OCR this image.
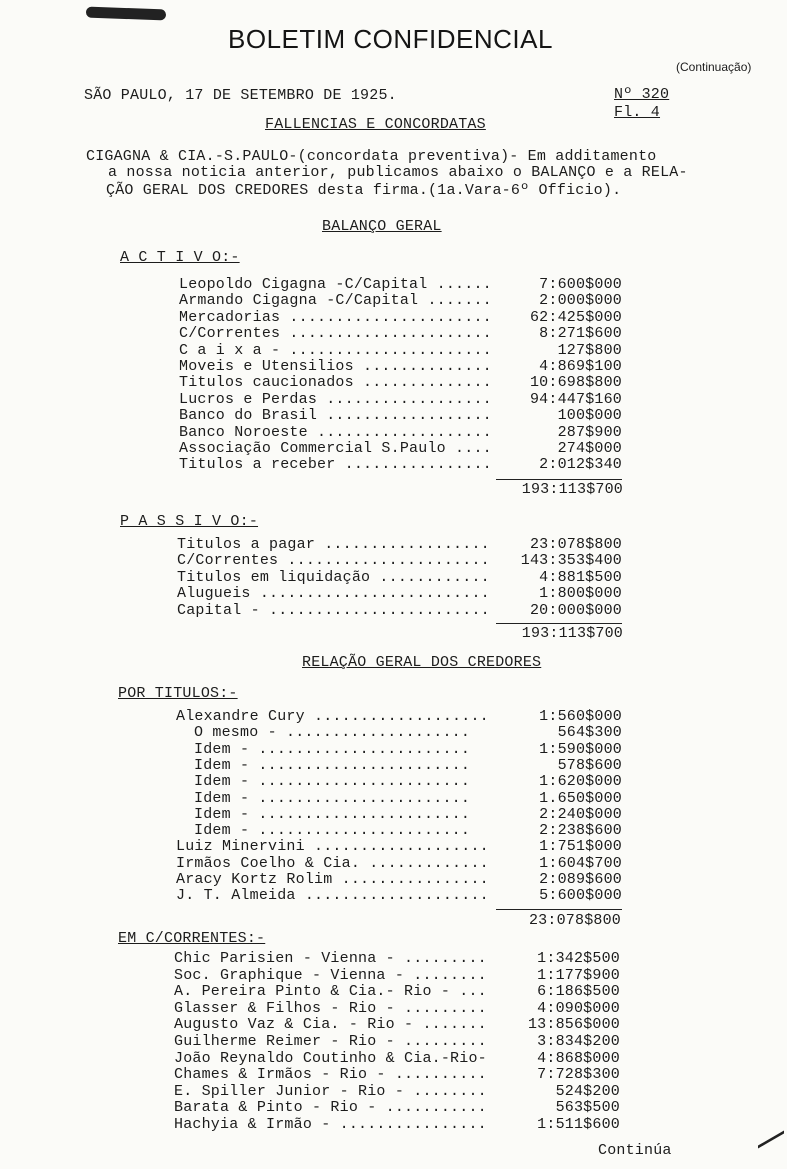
BOLETIM CONFIDENCIAL
(Continuação)
SÃO PAULO, 17 DE SETEMBRO DE 1925.	Nº 320
Fl. 4
FALLENCIAS E CONCORDATAS
CIGAGNA & CIA.-S.PAULO-(concordata preventiva)- Em additamento
a nossa noticia anterior, publicamos abaixo o BALANÇO e a RELA-
ÇÃO GERAL DOS CREDORES desta firma.(1a.Vara-6º Officio).
BALANÇO GERAL
A C T I V O:-
Leopoldo Cigagna -C/Capital ......	7:600$000
Armando Cigagna -C/Capital .......	2:000$000
Mercadorias ......................	62:425$000
C/Correntes ......................	8:271$600
C a i x a - ......................	127$800
Moveis e Utensilios ..............	4:869$100
Titulos caucionados ..............	10:698$800
Lucros e Perdas ..................	94:447$160
Banco do Brasil ..................	100$000
Banco Noroeste ...................	287$900
Associação Commercial S.Paulo ....	274$000
Titulos a receber ................	2:012$340
193:113$700
P A S S I V O:-
Titulos a pagar ..................	23:078$800
C/Correntes ...................... 143:353$400
Titulos em liquidação ............	4:881$500
Alugueis .........................	1:800$000
Capital - ........................	20:000$000
193:113$700
RELAÇÃO GERAL DOS CREDORES
POR TITULOS:-
Alexandre Cury ...................	1:560$000
O mesmo - ....................	564$300
Idem - .......................	1:590$000
Idem - .......................	578$600
Idem - .......................	1:620$000
Idem - .......................	1.650$000
Idem - .......................	2:240$000
Idem - .......................	2:238$600
Luiz Minervini ...................	1:751$000
Irmãos Coelho & Cia. .............	1:604$700
Aracy Kortz Rolim ................	2:089$600
J. T. Almeida ....................	5:600$000
23:078$800
EM C/CORRENTES:-
Chic Parisien - Vienna - .........	1:342$500
Soc. Graphique - Vienna - ........	1:177$900
A. Pereira Pinto & Cia.- Rio - ...	6:186$500
Glasser & Filhos - Rio - .........	4:090$000
Augusto Vaz & Cia. - Rio - .......	13:856$000
Guilherme Reimer - Rio - .........	3:834$200
João Reynaldo Coutinho & Cia.-Rio-	4:868$000
Chames & Irmãos - Rio - ..........	7:728$300
E. Spiller Junior - Rio - ........	524$200
Barata & Pinto - Rio - ...........	563$500
Hachyia & Irmão - ................	1:511$600
Continúa
